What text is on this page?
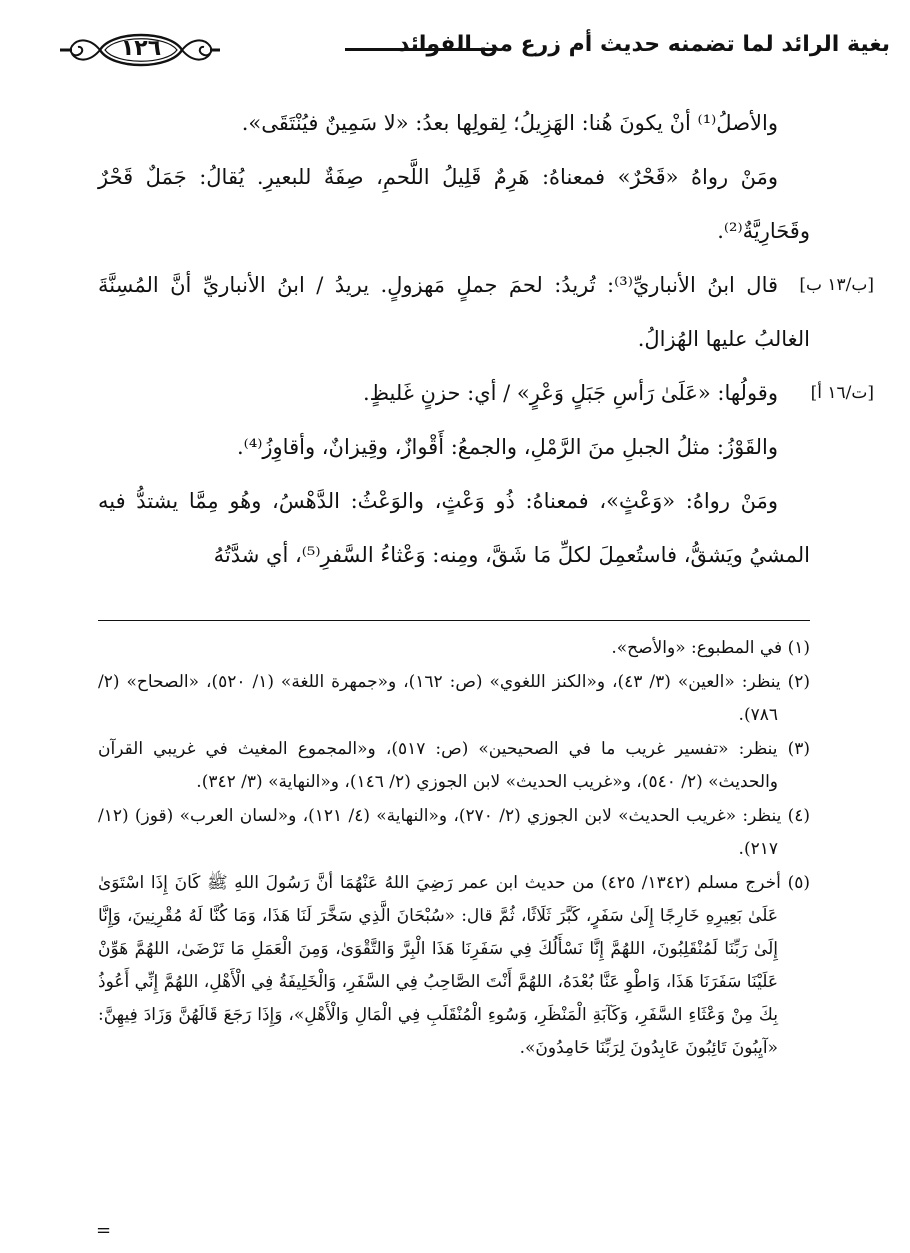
بغية الرائد لما تضمنه حديث أم زرع من الفوائد
١٢٦

والأصلُ⁽¹⁾ أنْ يكونَ هُنا: الهَزِيلُ؛ لِقولِها بعدُ: «لا سَمِينٌ فيُنْتَقَى».

ومَنْ رواهُ «قَحْرٌ» فمعناهُ: هَرِمٌ قَلِيلُ اللَّحمِ، صِفَةٌ للبعيرِ. يُقالُ: جَمَلٌ قَحْرٌ وقَحَارِيَّةٌ⁽²⁾.

[ب/١٣ ب]
قال ابنُ الأنباريِّ⁽³⁾: تُريدُ: لحمَ جملٍ مَهزولٍ. يريدُ / ابنُ الأنباريِّ أنَّ المُسِنَّةَ الغالبُ عليها الهُزالُ.

[ت/١٦ أ]
وقولُها: «عَلَىٰ رَأسِ جَبَلٍ وَعْرٍ» / أي: حزنٍ غَليظٍ.

والقَوْزُ: مثلُ الجبلِ منَ الرَّمْلِ، والجمعُ: أَقْوازٌ، وقِيزانٌ، وأقاوِزُ⁽⁴⁾.

ومَنْ رواهُ: «وَعْثٍ»، فمعناهُ: ذُو وَعْثٍ، والوَعْثُ: الدَّهْسُ، وهُو مِمَّا يشتدُّ فيه المشيُ ويَشقُّ، فاستُعمِلَ لكلِّ مَا شَقَّ، ومِنه: وَعْثاءُ السَّفرِ⁽⁵⁾، أي شدَّتُهُ

(١) في المطبوع: «والأصح».

(٢) ينظر: «العين» (٣/ ٤٣)، و«الكنز اللغوي» (ص: ١٦٢)، و«جمهرة اللغة» (١/ ٥٢٠)، «الصحاح» (٢/ ٧٨٦).

(٣) ينظر: «تفسير غريب ما في الصحيحين» (ص: ٥١٧)، و«المجموع المغيث في غريبي القرآن والحديث» (٢/ ٥٤٠)، و«غريب الحديث» لابن الجوزي (٢/ ١٤٦)، و«النهاية» (٣/ ٣٤٢).

(٤) ينظر: «غريب الحديث» لابن الجوزي (٢/ ٢٧٠)، و«النهاية» (٤/ ١٢١)، و«لسان العرب» (قوز) (١٢/ ٢١٧).

(٥) أخرج مسلم (١٣٤٢/ ٤٢٥) من حديث ابن عمر رَضِيَ اللهُ عَنْهُمَا أنَّ رَسُولَ اللهِ ﷺ كَانَ إِذَا اسْتَوَىٰ عَلَىٰ بَعِيرِهِ خَارِجًا إِلَىٰ سَفَرٍ، كَبَّرَ ثَلَاثًا، ثُمَّ قال: «سُبْحَانَ الَّذِي سَخَّرَ لَنَا هَذَا، وَمَا كُنَّا لَهُ مُقْرِنِينَ، وَإِنَّا إِلَىٰ رَبِّنَا لَمُنْقَلِبُونَ، اللهُمَّ إِنَّا نَسْأَلُكَ فِي سَفَرِنَا هَذَا الْبِرَّ وَالتَّقْوَىٰ، وَمِنَ الْعَمَلِ مَا تَرْضَىٰ، اللهُمَّ هَوِّنْ عَلَيْنَا سَفَرَنَا هَذَا، وَاطْوِ عَنَّا بُعْدَهُ، اللهُمَّ أَنْتَ الصَّاحِبُ فِي السَّفَرِ، وَالْخَلِيفَةُ فِي الْأَهْلِ، اللهُمَّ إِنِّي أَعُوذُ بِكَ مِنْ وَعْثَاءِ السَّفَرِ، وَكَآبَةِ الْمَنْظَرِ، وَسُوءِ الْمُنْقَلَبِ فِي الْمَالِ وَالْأَهْلِ»، وَإِذَا رَجَعَ قَالَهُنَّ وَزَادَ فِيهِنَّ: «آيِبُونَ تَائِبُونَ عَابِدُونَ لِرَبِّنَا حَامِدُونَ».

=
